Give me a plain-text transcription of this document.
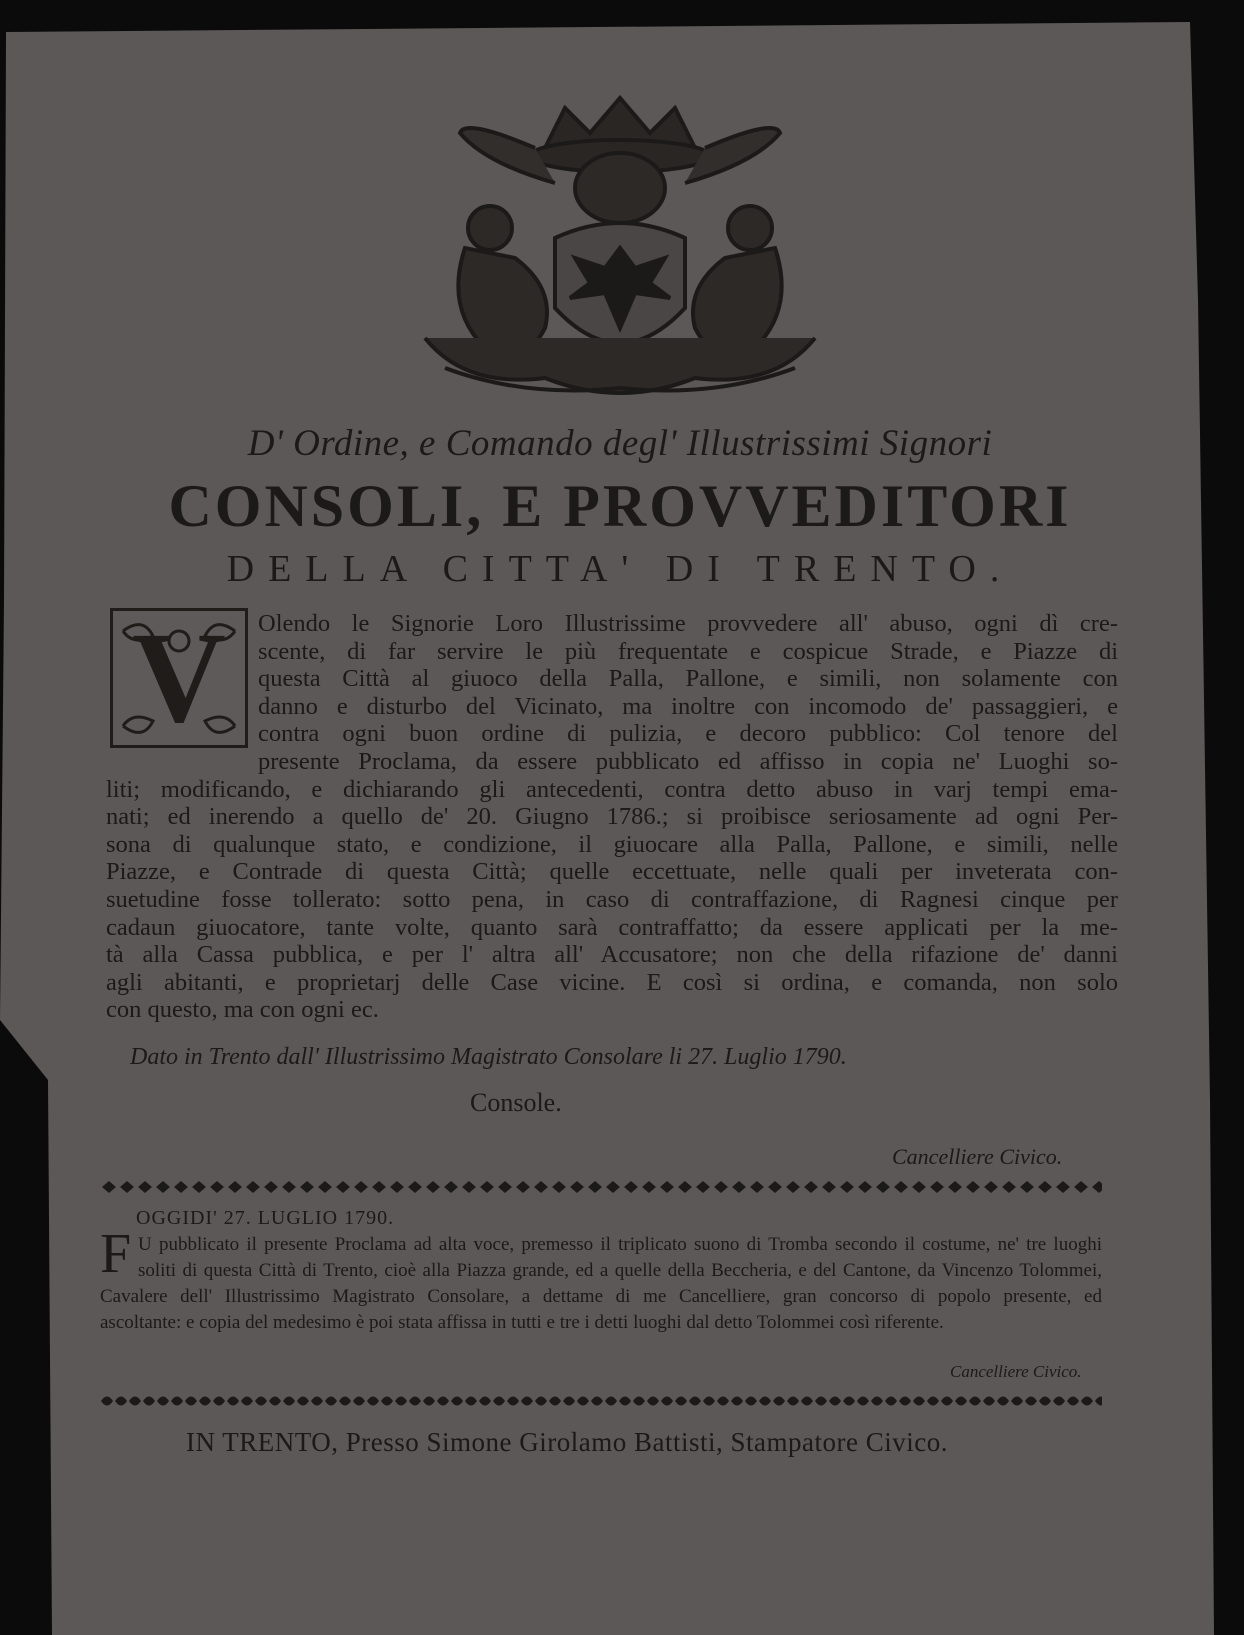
D' Ordine, e Comando degl' Illustrissimi Signori
CONSOLI, E PROVVEDITORI
DELLA CITTA' DI TRENTO.
V	Olendo le Signorie Loro Illustrissime provvedere all' abuso, ogni dì cre-
scente, di far servire le più frequentate e cospicue Strade, e Piazze di
questa Città al giuoco della Palla, Pallone, e simili, non solamente con
danno e disturbo del Vicinato, ma inoltre con incomodo de' passaggieri, e
contra ogni buon ordine di pulizia, e decoro pubblico: Col tenore del
presente Proclama, da essere pubblicato ed affisso in copia ne' Luoghi so-
liti; modificando, e dichiarando gli antecedenti, contra detto abuso in varj tempi ema-
nati; ed inerendo a quello de' 20. Giugno 1786.; si proibisce seriosamente ad ogni Per-
sona di qualunque stato, e condizione, il giuocare alla Palla, Pallone, e simili, nelle
Piazze, e Contrade di questa Città; quelle eccettuate, nelle quali per inveterata con-
suetudine fosse tollerato: sotto pena, in caso di contraffazione, di Ragnesi cinque per
cadaun giuocatore, tante volte, quanto sarà contraffatto; da essere applicati per la me-
tà alla Cassa pubblica, e per l' altra all' Accusatore; non che della rifazione de' danni
agli abitanti, e proprietarj delle Case vicine. E così si ordina, e comanda, non solo
con questo, ma con ogni ec.
Dato in Trento dall' Illustrissimo Magistrato Consolare li 27. Luglio 1790.
Console.
Cancelliere Civico.
OGGIDI' 27. LUGLIO 1790.
F U pubblicato il presente Proclama ad alta voce, premesso il triplicato suono di Tromba secondo il costume, ne' tre luoghi
soliti di questa Città di Trento, cioè alla Piazza grande, ed a quelle della Beccheria, e del Cantone, da Vincenzo Tolommei,
Cavalere dell' Illustrissimo Magistrato Consolare, a dettame di me Cancelliere, gran concorso di popolo presente, ed
ascoltante: e copia del medesimo è poi stata affissa in tutti e tre i detti luoghi dal detto Tolommei così riferente.
Cancelliere Civico.
IN TRENTO, Presso Simone Girolamo Battisti, Stampatore Civico.
